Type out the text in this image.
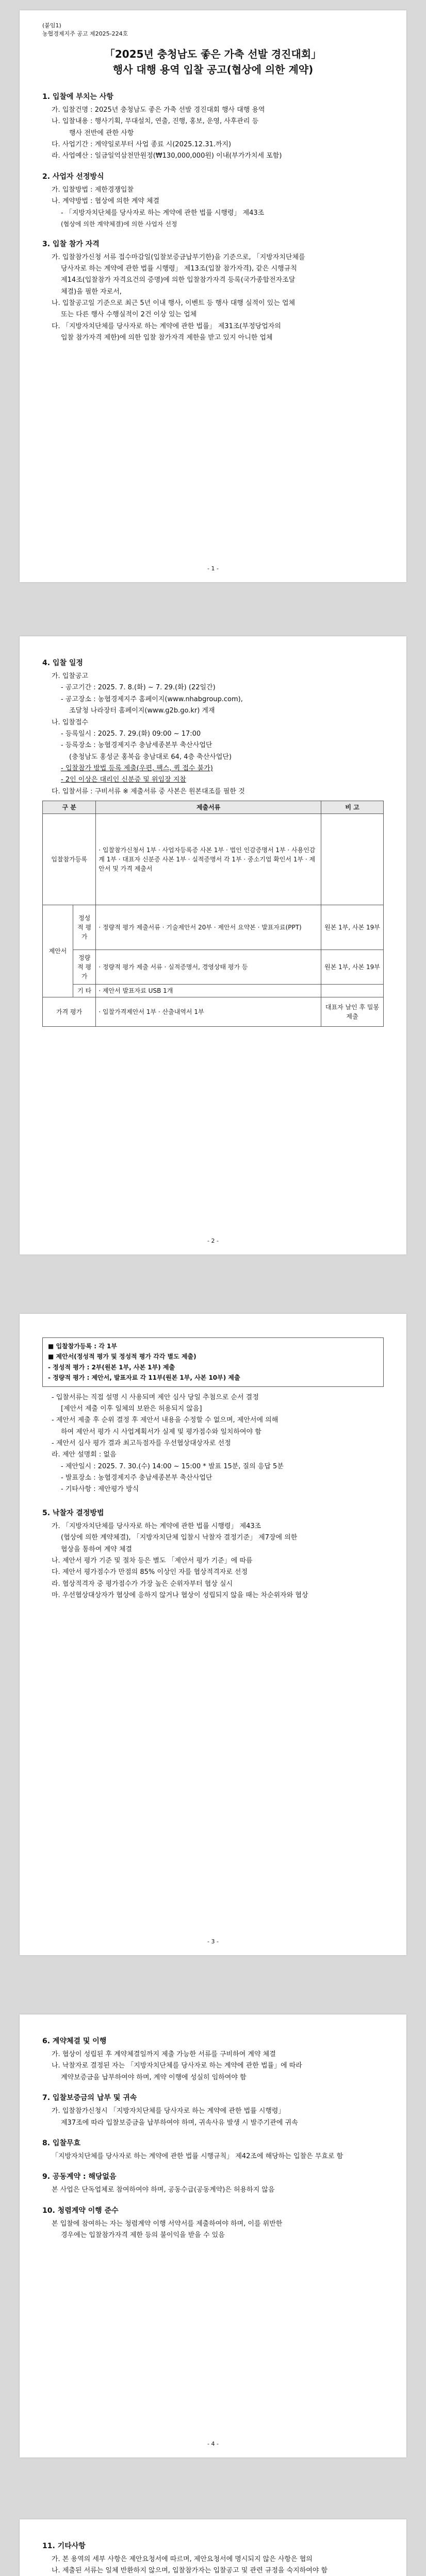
(붙임1)
농협경제지주 공고 제2025-224호
「2025년 충청남도 좋은 가축 선발 경진대회」
행사 대행 용역 입찰 공고(협상에 의한 계약)
1. 입찰에 부치는 사항
가. 입찰건명 : 2025년 충청남도 좋은 가축 선발 경진대회 행사 대행 용역
나. 입찰내용 : 행사기획, 무대설치, 연출, 진행, 홍보, 운영, 사후관리 등
행사 전반에 관한 사항
다. 사업기간 : 계약일로부터 사업 종료 시(2025.12.31.까지)
라. 사업예산 : 일금일억삼천만원정(₩130,000,000원) 이내(부가가치세 포함)
2. 사업자 선정방식
가. 입찰방법 : 제한경쟁입찰
나. 계약방법 : 협상에 의한 계약 체결
- 「지방자치단체를 당사자로 하는 계약에 관한 법률 시행령」 제43조
(협상에 의한 계약체결)에 의한 사업자 선정
3. 입찰 참가 자격
가. 입찰참가신청 서류 접수마감일(입찰보증금납부기한)을 기준으로, 「지방자치단체를
당사자로 하는 계약에 관한 법률 시행령」 제13조(입찰 참가자격), 같은 시행규칙
제14조(입찰참가 자격요건의 증명)에 의한 입찰참가자격 등록(국가종합전자조달
체결)을 필한 자로서,
나. 입찰공고일 기준으로 최근 5년 이내 행사, 이벤트 등 행사 대행 실적이 있는 업체
또는 다른 행사 수행실적이 2건 이상 있는 업체
다. 「지방자치단체를 당사자로 하는 계약에 관한 법률」 제31조(부정당업자의
입찰 참가자격 제한)에 의한 입찰 참가자격 제한을 받고 있지 아니한 업체
- 1 -
4. 입찰 일정
가. 입찰공고
- 공고기간 : 2025. 7. 8.(화) ~ 7. 29.(화) (22일간)
- 공고장소 : 농협경제지주 홈페이지(www.nhabgroup.com),
조달청 나라장터 홈페이지(www.g2b.go.kr) 게재
나. 입찰접수
- 등록일시 : 2025. 7. 29.(화) 09:00 ~ 17:00
- 등록장소 : 농협경제지주 충남세종본부 축산사업단
(충청남도 홍성군 홍북읍 충남대로 64, 4층 축산사업단)
- 입찰참가 방법 등록 제출(우편, 팩스, 퀵 접수 불가)
- 2인 이상은 대리인 신분증 및 위임장 지참
다. 입찰서류 : 구비서류 ※ 제출서류 중 사본은 원본대조를 필한 것
구 분		제출서류	비 고
입찰참가등록		· 입찰참가신청서 1부 · 사업자등록증 사본 1부 · 법인 인감증명서 1부 · 사용인감계 1부 · 대표자 신분증 사본 1부 · 실적증명서 각 1부 · 중소기업 확인서 1부 · 제안서 및 가격 제출서	
제안서	정성적 평가	· 정량적 평가 제출서류 · 기술제안서 20부 · 제안서 요약본 · 발표자료(PPT)	원본 1부, 사본 19부
	정량적 평가	· 정량적 평가 제출 서류 · 실적증명서, 경영상태 평가 등	원본 1부, 사본 19부
	기 타	· 제안서 발표자료 USB 1개	
가격 평가		· 입찰가격제안서 1부 · 산출내역서 1부	대표자 날인 후 밀봉 제출
- 2 -
■ 입찰참가등록 : 각 1부
■ 제안서(정성적 평가 및 정성적 평가 각각 별도 제출)
- 정성적 평가 : 2부(원본 1부, 사본 1부) 제출
- 정량적 평가 : 제안서, 발표자료 각 11부(원본 1부, 사본 10부) 제출
- 입찰서류는 직접 설명 시 사용되며 제안 심사 당일 추첨으로 순서 결정
[제안서 제출 이후 일체의 보완은 허용되지 않음]
- 제안서 제출 후 순위 결정 후 제안서 내용을 수정할 수 없으며, 제안서에 의해
하여 제안서 평가 시 사업계획서가 실제 및 평가점수와 일치하여야 함
- 제안서 심사 평가 결과 최고득점자를 우선협상대상자로 선정
라. 제안 설명회 : 없음
- 제안일시 : 2025. 7. 30.(수) 14:00 ~ 15:00 * 발표 15분, 질의 응답 5분
- 발표장소 : 농협경제지주 충남세종본부 축산사업단
- 기타사항 : 제안평가 방식
5. 낙찰자 결정방법
가. 「지방자치단체를 당사자로 하는 계약에 관한 법률 시행령」 제43조
(협상에 의한 계약체결), 「지방자치단체 입찰시 낙찰자 결정기준」 제7장에 의한
협상을 통하여 계약 체결
나. 제안서 평가 기준 및 절차 등은 별도 「제안서 평가 기준」에 따름
다. 제안서 평가점수가 만점의 85% 이상인 자를 협상적격자로 선정
라. 협상적격자 중 평가점수가 가장 높은 순위자부터 협상 실시
마. 우선협상대상자가 협상에 응하지 않거나 협상이 성립되지 않을 때는 차순위자와 협상
- 3 -
6. 계약체결 및 이행
가. 협상이 성립된 후 계약체결일까지 제출 가능한 서류를 구비하여 계약 체결
나. 낙찰자로 결정된 자는 「지방자치단체를 당사자로 하는 계약에 관한 법률」에 따라
계약보증금을 납부하여야 하며, 계약 이행에 성실히 임하여야 함
7. 입찰보증금의 납부 및 귀속
가. 입찰참가신청시 「지방자치단체를 당사자로 하는 계약에 관한 법률 시행령」
제37조에 따라 입찰보증금을 납부하여야 하며, 귀속사유 발생 시 발주기관에 귀속
8. 입찰무효
「지방자치단체를 당사자로 하는 계약에 관한 법률 시행규칙」 제42조에 해당하는 입찰은 무효로 함
9. 공동계약 : 해당없음
본 사업은 단독업체로 참여하여야 하며, 공동수급(공동계약)은 허용하지 않음
10. 청렴계약 이행 준수
본 입찰에 참여하는 자는 청렴계약 이행 서약서를 제출하여야 하며, 이를 위반한
경우에는 입찰참가자격 제한 등의 불이익을 받을 수 있음
- 4 -
11. 기타사항
가. 본 용역의 세부 사항은 제안요청서에 따르며, 제안요청서에 명시되지 않은 사항은 협의
나. 제출된 서류는 일체 반환하지 않으며, 입찰참가자는 입찰공고 및 관련 규정을 숙지하여야 함
